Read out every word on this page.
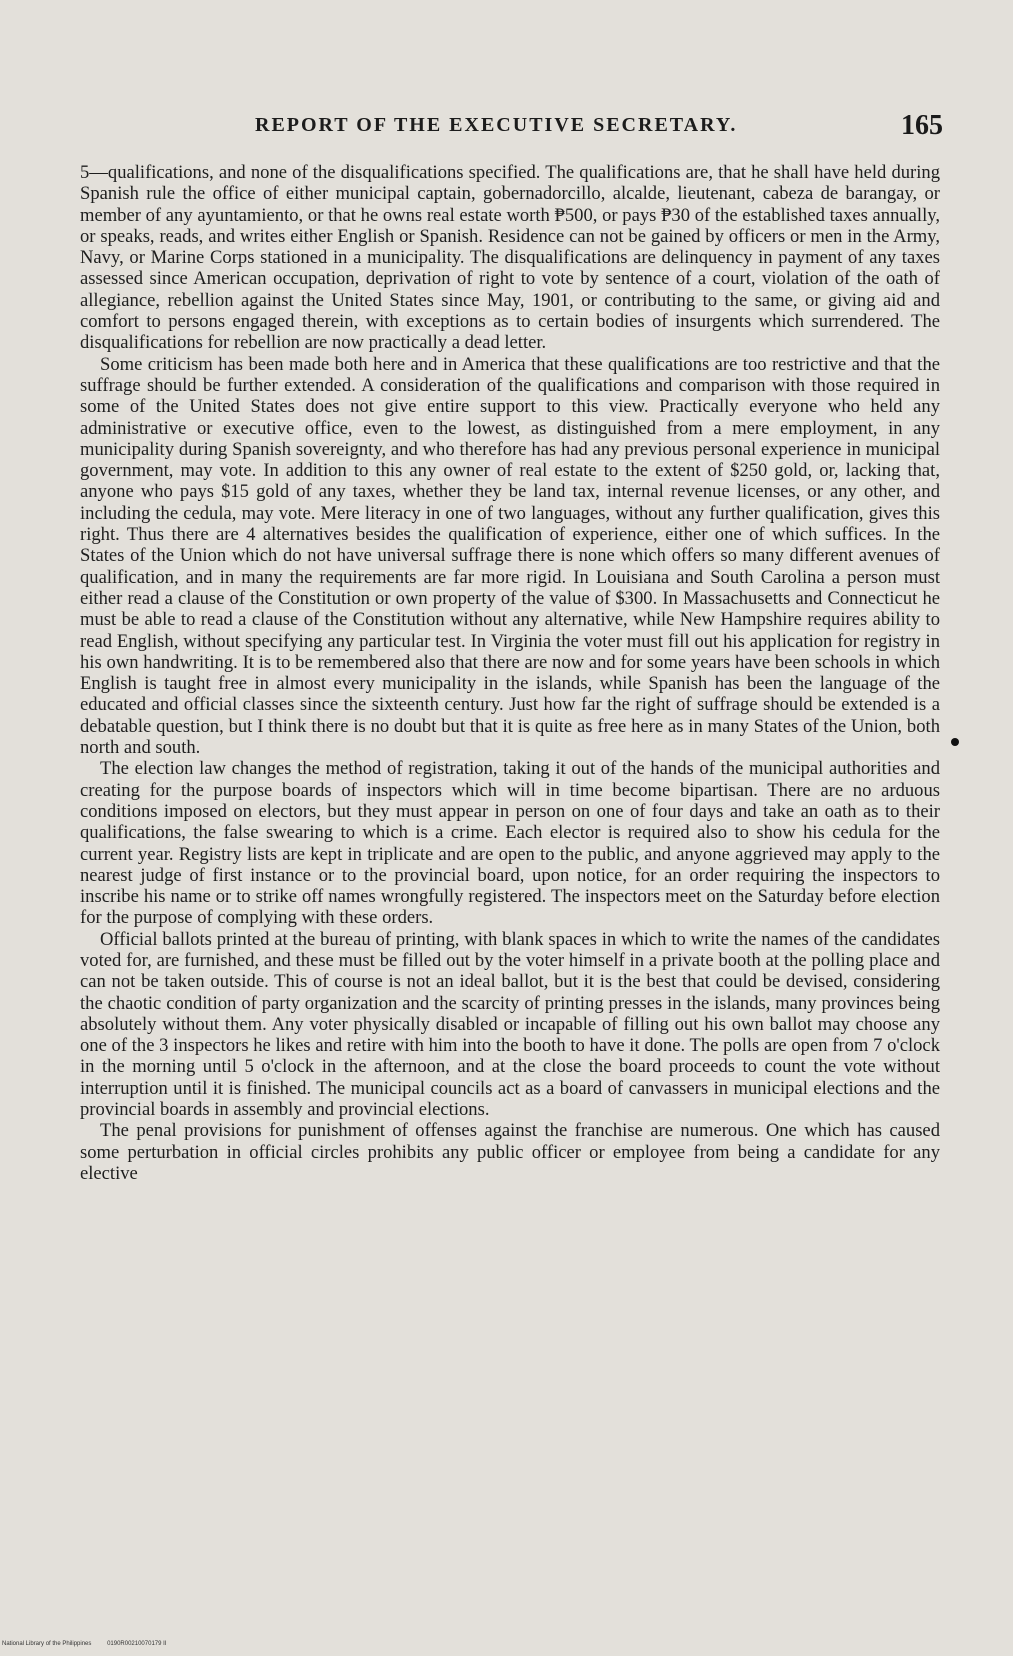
REPORT OF THE EXECUTIVE SECRETARY.	165

5—qualifications, and none of the disqualifications specified. The qualifications are, that he shall have held during Spanish rule the office of either municipal captain, gobernadorcillo, alcalde, lieutenant, cabeza de barangay, or member of any ayuntamiento, or that he owns real estate worth ₱500, or pays ₱30 of the established taxes annually, or speaks, reads, and writes either English or Spanish. Residence can not be gained by officers or men in the Army, Navy, or Marine Corps stationed in a municipality. The disqualifications are delinquency in payment of any taxes assessed since American occupation, deprivation of right to vote by sentence of a court, violation of the oath of allegiance, rebellion against the United States since May, 1901, or contributing to the same, or giving aid and comfort to persons engaged therein, with exceptions as to certain bodies of insurgents which surrendered. The disqualifications for rebellion are now practically a dead letter.

Some criticism has been made both here and in America that these qualifications are too restrictive and that the suffrage should be further extended. A consideration of the qualifications and comparison with those required in some of the United States does not give entire support to this view. Practically everyone who held any administrative or executive office, even to the lowest, as distinguished from a mere employment, in any municipality during Spanish sovereignty, and who therefore has had any previous personal experience in municipal government, may vote. In addition to this any owner of real estate to the extent of $250 gold, or, lacking that, anyone who pays $15 gold of any taxes, whether they be land tax, internal revenue licenses, or any other, and including the cedula, may vote. Mere literacy in one of two languages, without any further qualification, gives this right. Thus there are 4 alternatives besides the qualification of experience, either one of which suffices. In the States of the Union which do not have universal suffrage there is none which offers so many different avenues of qualification, and in many the requirements are far more rigid. In Louisiana and South Carolina a person must either read a clause of the Constitution or own property of the value of $300. In Massachusetts and Connecticut he must be able to read a clause of the Constitution without any alternative, while New Hampshire requires ability to read English, without specifying any particular test. In Virginia the voter must fill out his application for registry in his own handwriting. It is to be remembered also that there are now and for some years have been schools in which English is taught free in almost every municipality in the islands, while Spanish has been the language of the educated and official classes since the sixteenth century. Just how far the right of suffrage should be extended is a debatable question, but I think there is no doubt but that it is quite as free here as in many States of the Union, both north and south.

The election law changes the method of registration, taking it out of the hands of the municipal authorities and creating for the purpose boards of inspectors which will in time become bipartisan. There are no arduous conditions imposed on electors, but they must appear in person on one of four days and take an oath as to their qualifications, the false swearing to which is a crime. Each elector is required also to show his cedula for the current year. Registry lists are kept in triplicate and are open to the public, and anyone aggrieved may apply to the nearest judge of first instance or to the provincial board, upon notice, for an order requiring the inspectors to inscribe his name or to strike off names wrongfully registered. The inspectors meet on the Saturday before election for the purpose of complying with these orders.

Official ballots printed at the bureau of printing, with blank spaces in which to write the names of the candidates voted for, are furnished, and these must be filled out by the voter himself in a private booth at the polling place and can not be taken outside. This of course is not an ideal ballot, but it is the best that could be devised, considering the chaotic condition of party organization and the scarcity of printing presses in the islands, many provinces being absolutely without them. Any voter physically disabled or incapable of filling out his own ballot may choose any one of the 3 inspectors he likes and retire with him into the booth to have it done. The polls are open from 7 o'clock in the morning until 5 o'clock in the afternoon, and at the close the board proceeds to count the vote without interruption until it is finished. The municipal councils act as a board of canvassers in municipal elections and the provincial boards in assembly and provincial elections.

The penal provisions for punishment of offenses against the franchise are numerous. One which has caused some perturbation in official circles prohibits any public officer or employee from being a candidate for any elective

National Library of the Philippines	0190R00210070179 II
